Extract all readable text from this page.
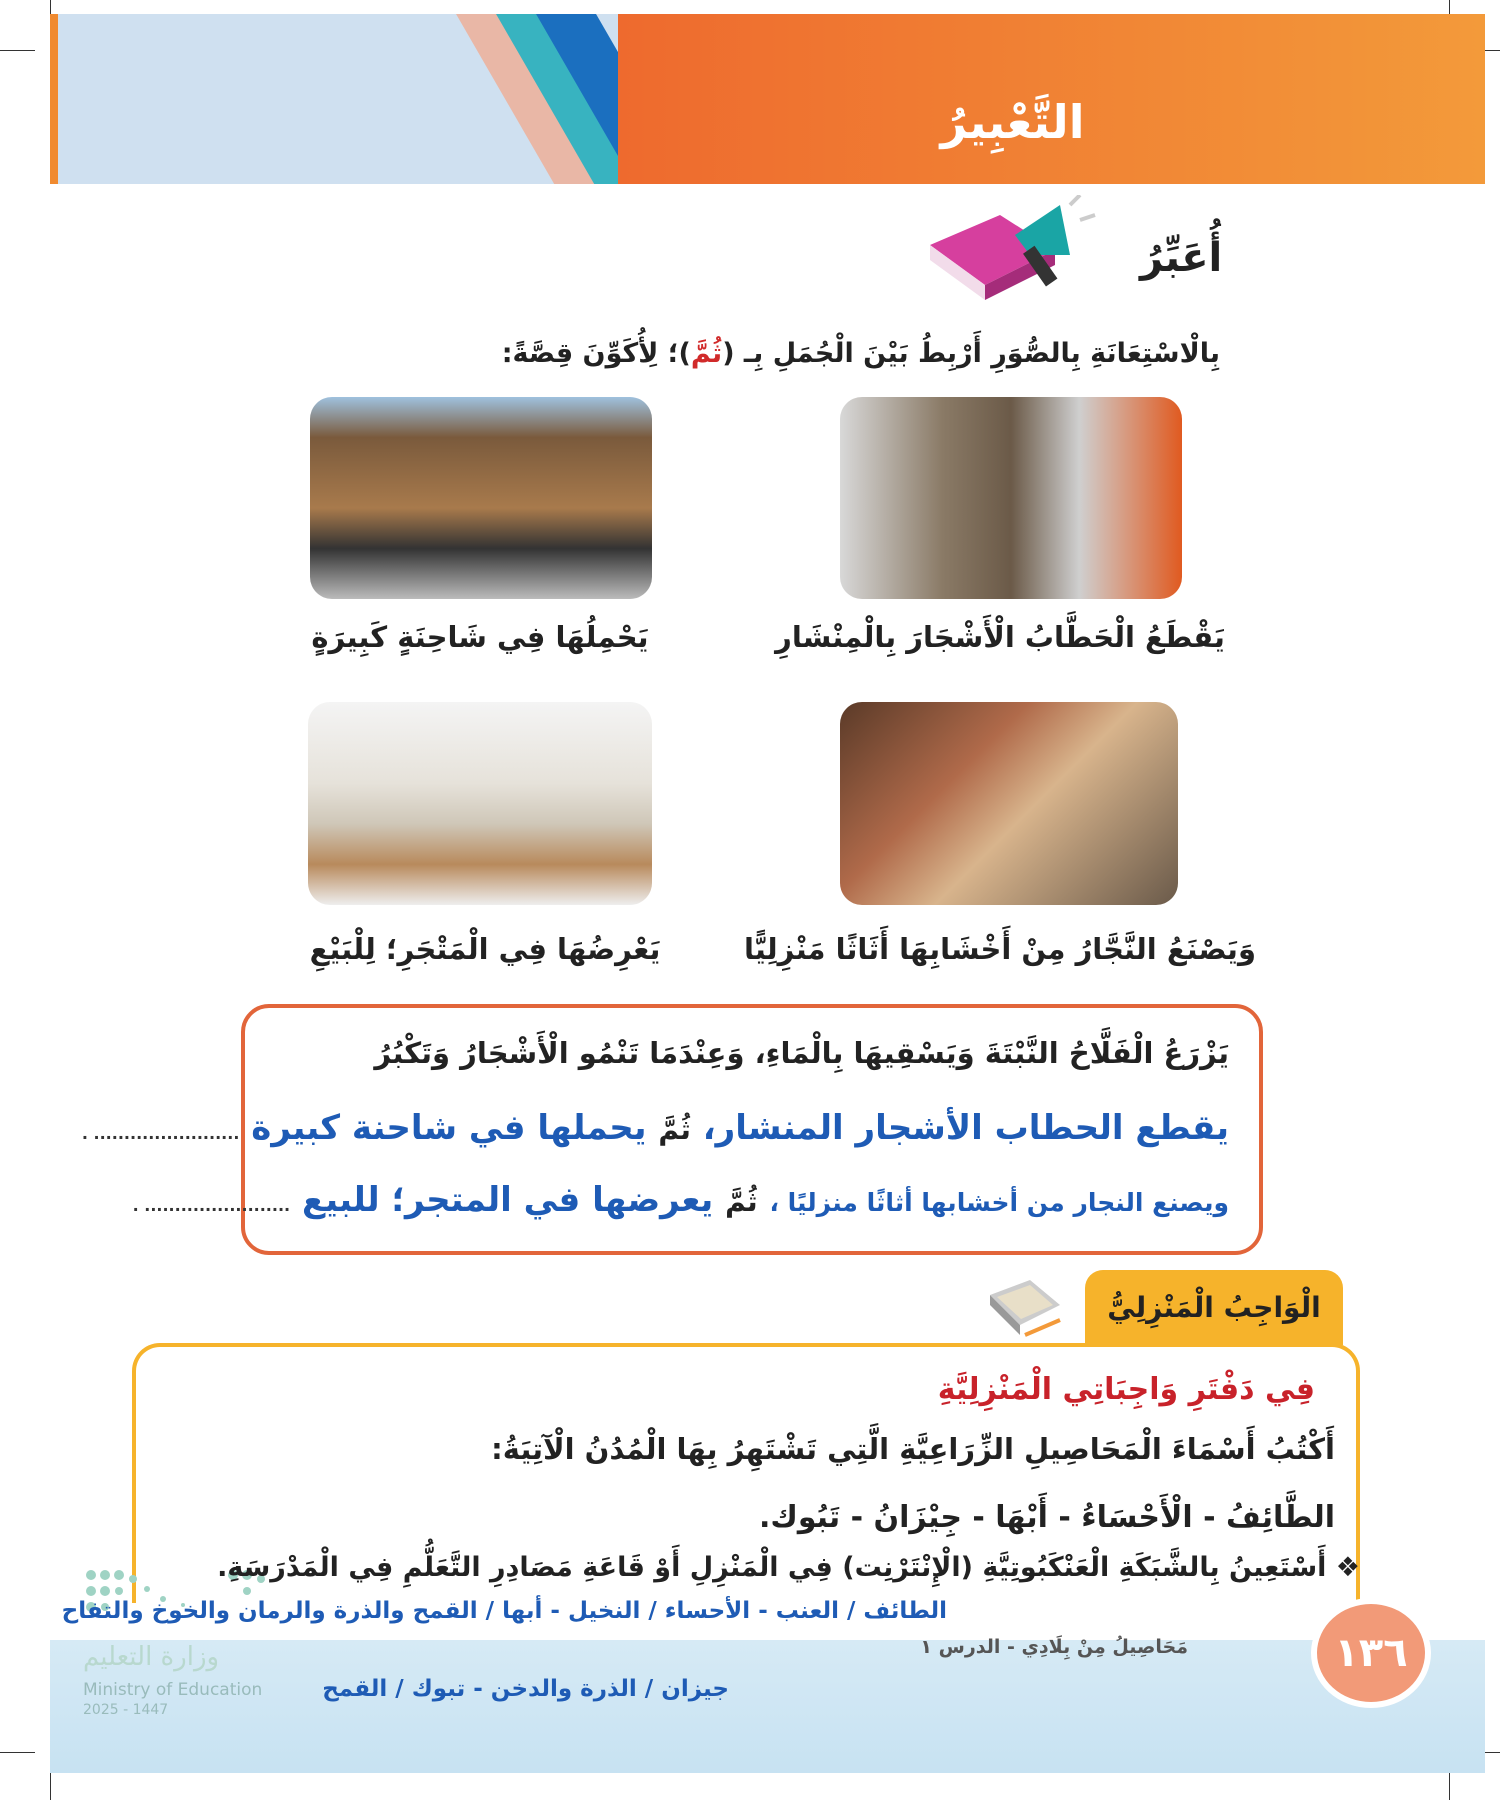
التَّعْبِيرُ
أُعَبِّرُ
بِالْاسْتِعَانَةِ بِالصُّوَرِ أَرْبِطُ بَيْنَ الْجُمَلِ بِـ (ثُمَّ)؛ لِأُكَوِّنَ قِصَّةً:
يَقْطَعُ الْحَطَّابُ الْأَشْجَارَ بِالْمِنْشَارِ
يَحْمِلُهَا فِي شَاحِنَةٍ كَبِيرَةٍ
وَيَصْنَعُ النَّجَّارُ مِنْ أَخْشَابِهَا أَثَاثًا مَنْزِلِيًّا
يَعْرِضُهَا فِي الْمَتْجَرِ؛ لِلْبَيْعِ
يَزْرَعُ الْفَلَّاحُ النَّبْتَةَ وَيَسْقِيهَا بِالْمَاءِ، وَعِنْدَمَا تَنْمُو الْأَشْجَارُ وَتَكْبُرُ
يقطع الحطاب الأشجار المنشار، ثُمَّ يحملها في شاحنة كبيرة ........................ .
ويصنع النجار من أخشابها أثاثًا منزليًا ، ثُمَّ يعرضها في المتجر؛ للبيع ........................ .
الْوَاجِبُ الْمَنْزِلِيُّ
فِي دَفْتَرِ وَاجِبَاتِي الْمَنْزِلِيَّةِ
أَكْتُبُ أَسْمَاءَ الْمَحَاصِيلِ الزِّرَاعِيَّةِ الَّتِي تَشْتَهِرُ بِهَا الْمُدُنُ الْآتِيَةُ:
الطَّائِفُ - الْأَحْسَاءُ - أَبْهَا - جِيْزَانُ - تَبُوك.
وزارة التعليم
Ministry of Education
2025 - 1447
١٣٦
❖ أَسْتَعِينُ بِالشَّبَكَةِ الْعَنْكَبُوتِيَّةِ (الْإِنْتَرْنِت) فِي الْمَنْزِلِ أَوْ قَاعَةِ مَصَادِرِ التَّعَلُّمِ فِي الْمَدْرَسَةِ.
الطائف / العنب - الأحساء / النخيل - أبها / القمح والذرة والرمان والخوخ والتفاح
مَحَاصِيلُ مِنْ بِلَادِي - الدرس ١
جيزان / الذرة والدخن - تبوك / القمح
